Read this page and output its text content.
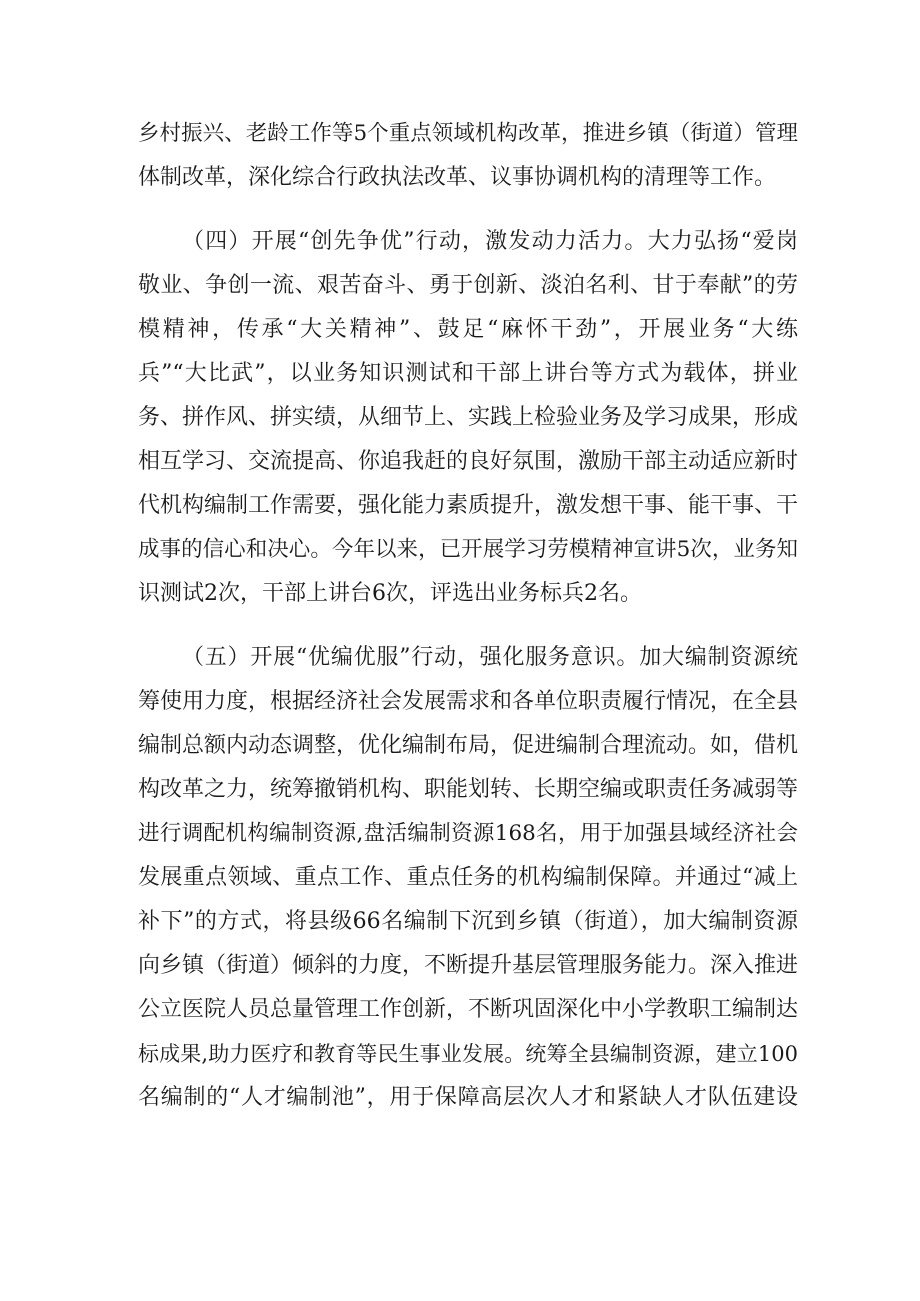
乡村振兴、老龄工作等5个重点领域机构改革，推进乡镇（街道）管理
体制改革，深化综合行政执法改革、议事协调机构的清理等工作。
（四）开展“创先争优”行动，激发动力活力。大力弘扬“爱岗
敬业、争创一流、艰苦奋斗、勇于创新、淡泊名利、甘于奉献”的劳
模精神，传承“大关精神”、鼓足“麻怀干劲”，开展业务“大练
兵”“大比武”，以业务知识测试和干部上讲台等方式为载体，拼业
务、拼作风、拼实绩，从细节上、实践上检验业务及学习成果，形成
相互学习、交流提高、你追我赶的良好氛围，激励干部主动适应新时
代机构编制工作需要，强化能力素质提升，激发想干事、能干事、干
成事的信心和决心。今年以来，已开展学习劳模精神宣讲5次，业务知
识测试2次，干部上讲台6次，评选出业务标兵2名。
（五）开展“优编优服”行动，强化服务意识。加大编制资源统
筹使用力度，根据经济社会发展需求和各单位职责履行情况，在全县
编制总额内动态调整，优化编制布局，促进编制合理流动。如，借机
构改革之力，统筹撤销机构、职能划转、长期空编或职责任务减弱等
进行调配机构编制资源,盘活编制资源168名，用于加强县域经济社会
发展重点领域、重点工作、重点任务的机构编制保障。并通过“减上
补下”的方式，将县级66名编制下沉到乡镇（街道），加大编制资源
向乡镇（街道）倾斜的力度，不断提升基层管理服务能力。深入推进
公立医院人员总量管理工作创新，不断巩固深化中小学教职工编制达
标成果,助力医疗和教育等民生事业发展。统筹全县编制资源，建立100
名编制的“人才编制池”，用于保障高层次人才和紧缺人才队伍建设
